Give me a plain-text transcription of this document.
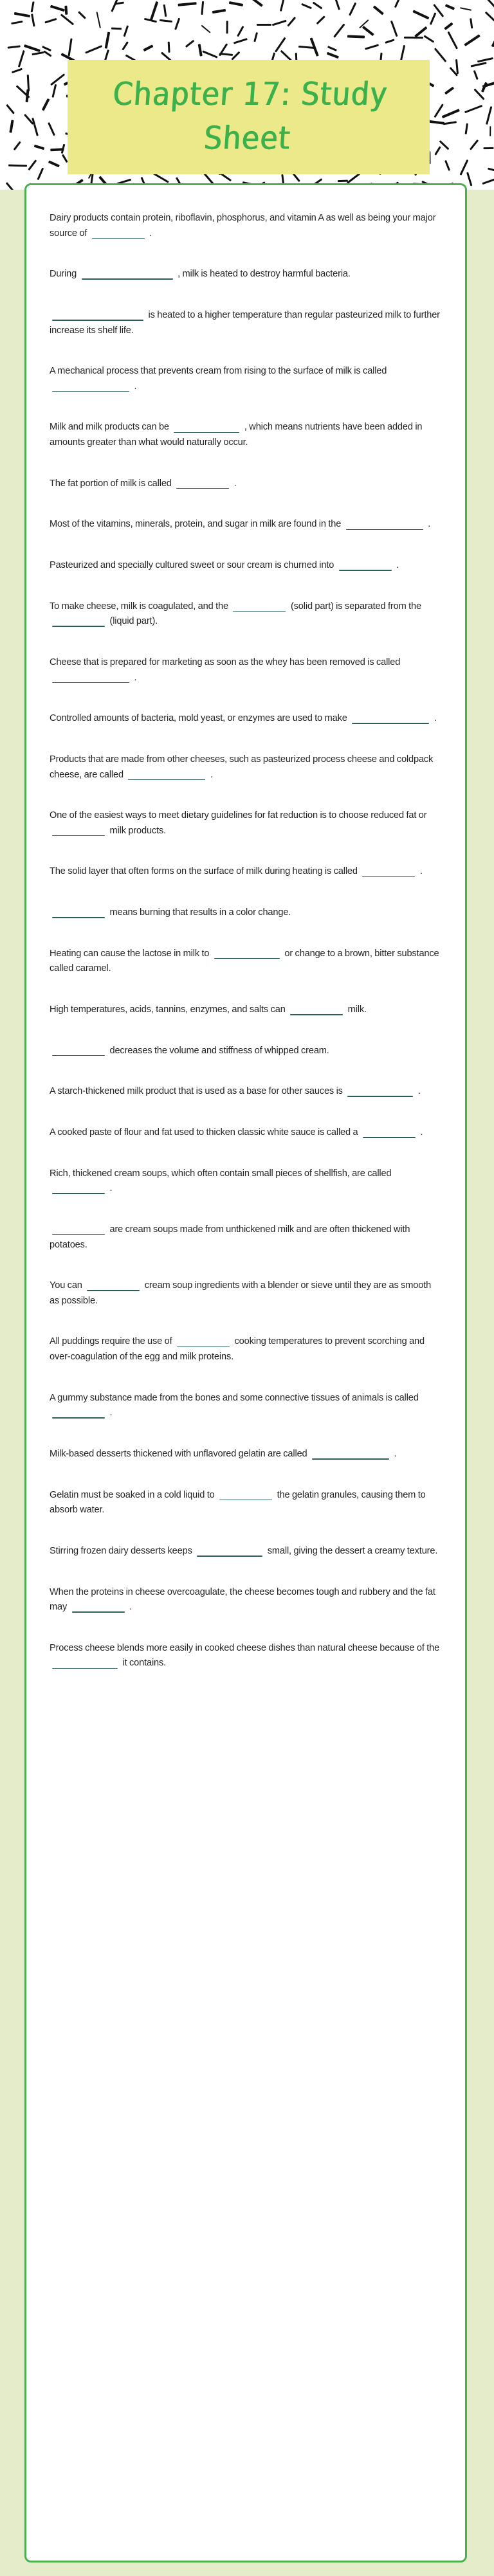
Chapter 17: Study
Sheet

Dairy products contain protein, riboflavin, phosphorus, and vitamin A as well as being your major source of	.

During	, milk is heated to destroy harmful bacteria.

is heated to a higher temperature than regular pasteurized milk to further increase its shelf life.

A mechanical process that prevents cream from rising to the surface of milk is called   .

Milk and milk products can be	, which means nutrients have been added in amounts greater than what would naturally occur.

The fat portion of milk is called	.

Most of the vitamins, minerals, protein, and sugar in milk are found in the	.

Pasteurized and specially cultured sweet or sour cream is churned into	.

To make cheese, milk is coagulated, and the	(solid part) is separated from the   (liquid part).

Cheese that is prepared for marketing as soon as the whey has been removed is called   .

Controlled amounts of bacteria, mold yeast, or enzymes are used to make	.

Products that are made from other cheeses, such as pasteurized process cheese and coldpack cheese, are called	.

One of the easiest ways to meet dietary guidelines for fat reduction is to choose reduced fat or   milk products.

The solid layer that often forms on the surface of milk during heating is called	.

means burning that results in a color change.

Heating can cause the lactose in milk to	or change to a brown, bitter substance called caramel.

High temperatures, acids, tannins, enzymes, and salts can	milk.

decreases the volume and stiffness of whipped cream.

A starch-thickened milk product that is used as a base for other sauces is	.

A cooked paste of flour and fat used to thicken classic white sauce is called a	.

Rich, thickened cream soups, which often contain small pieces of shellfish, are called   .

are cream soups made from unthickened milk and are often thickened with potatoes.

You can	cream soup ingredients with a blender or sieve until they are as smooth as possible.

All puddings require the use of	cooking temperatures to prevent scorching and over-coagulation of the egg and milk proteins.

A gummy substance made from the bones and some connective tissues of animals is called   .

Milk-based desserts thickened with unflavored gelatin are called	.

Gelatin must be soaked in a cold liquid to	the gelatin granules, causing them to absorb water.

Stirring frozen dairy desserts keeps	small, giving the dessert a creamy texture.

When the proteins in cheese overcoagulate, the cheese becomes tough and rubbery and the fat may	.

Process cheese blends more easily in cooked cheese dishes than natural cheese because of the   it contains.
